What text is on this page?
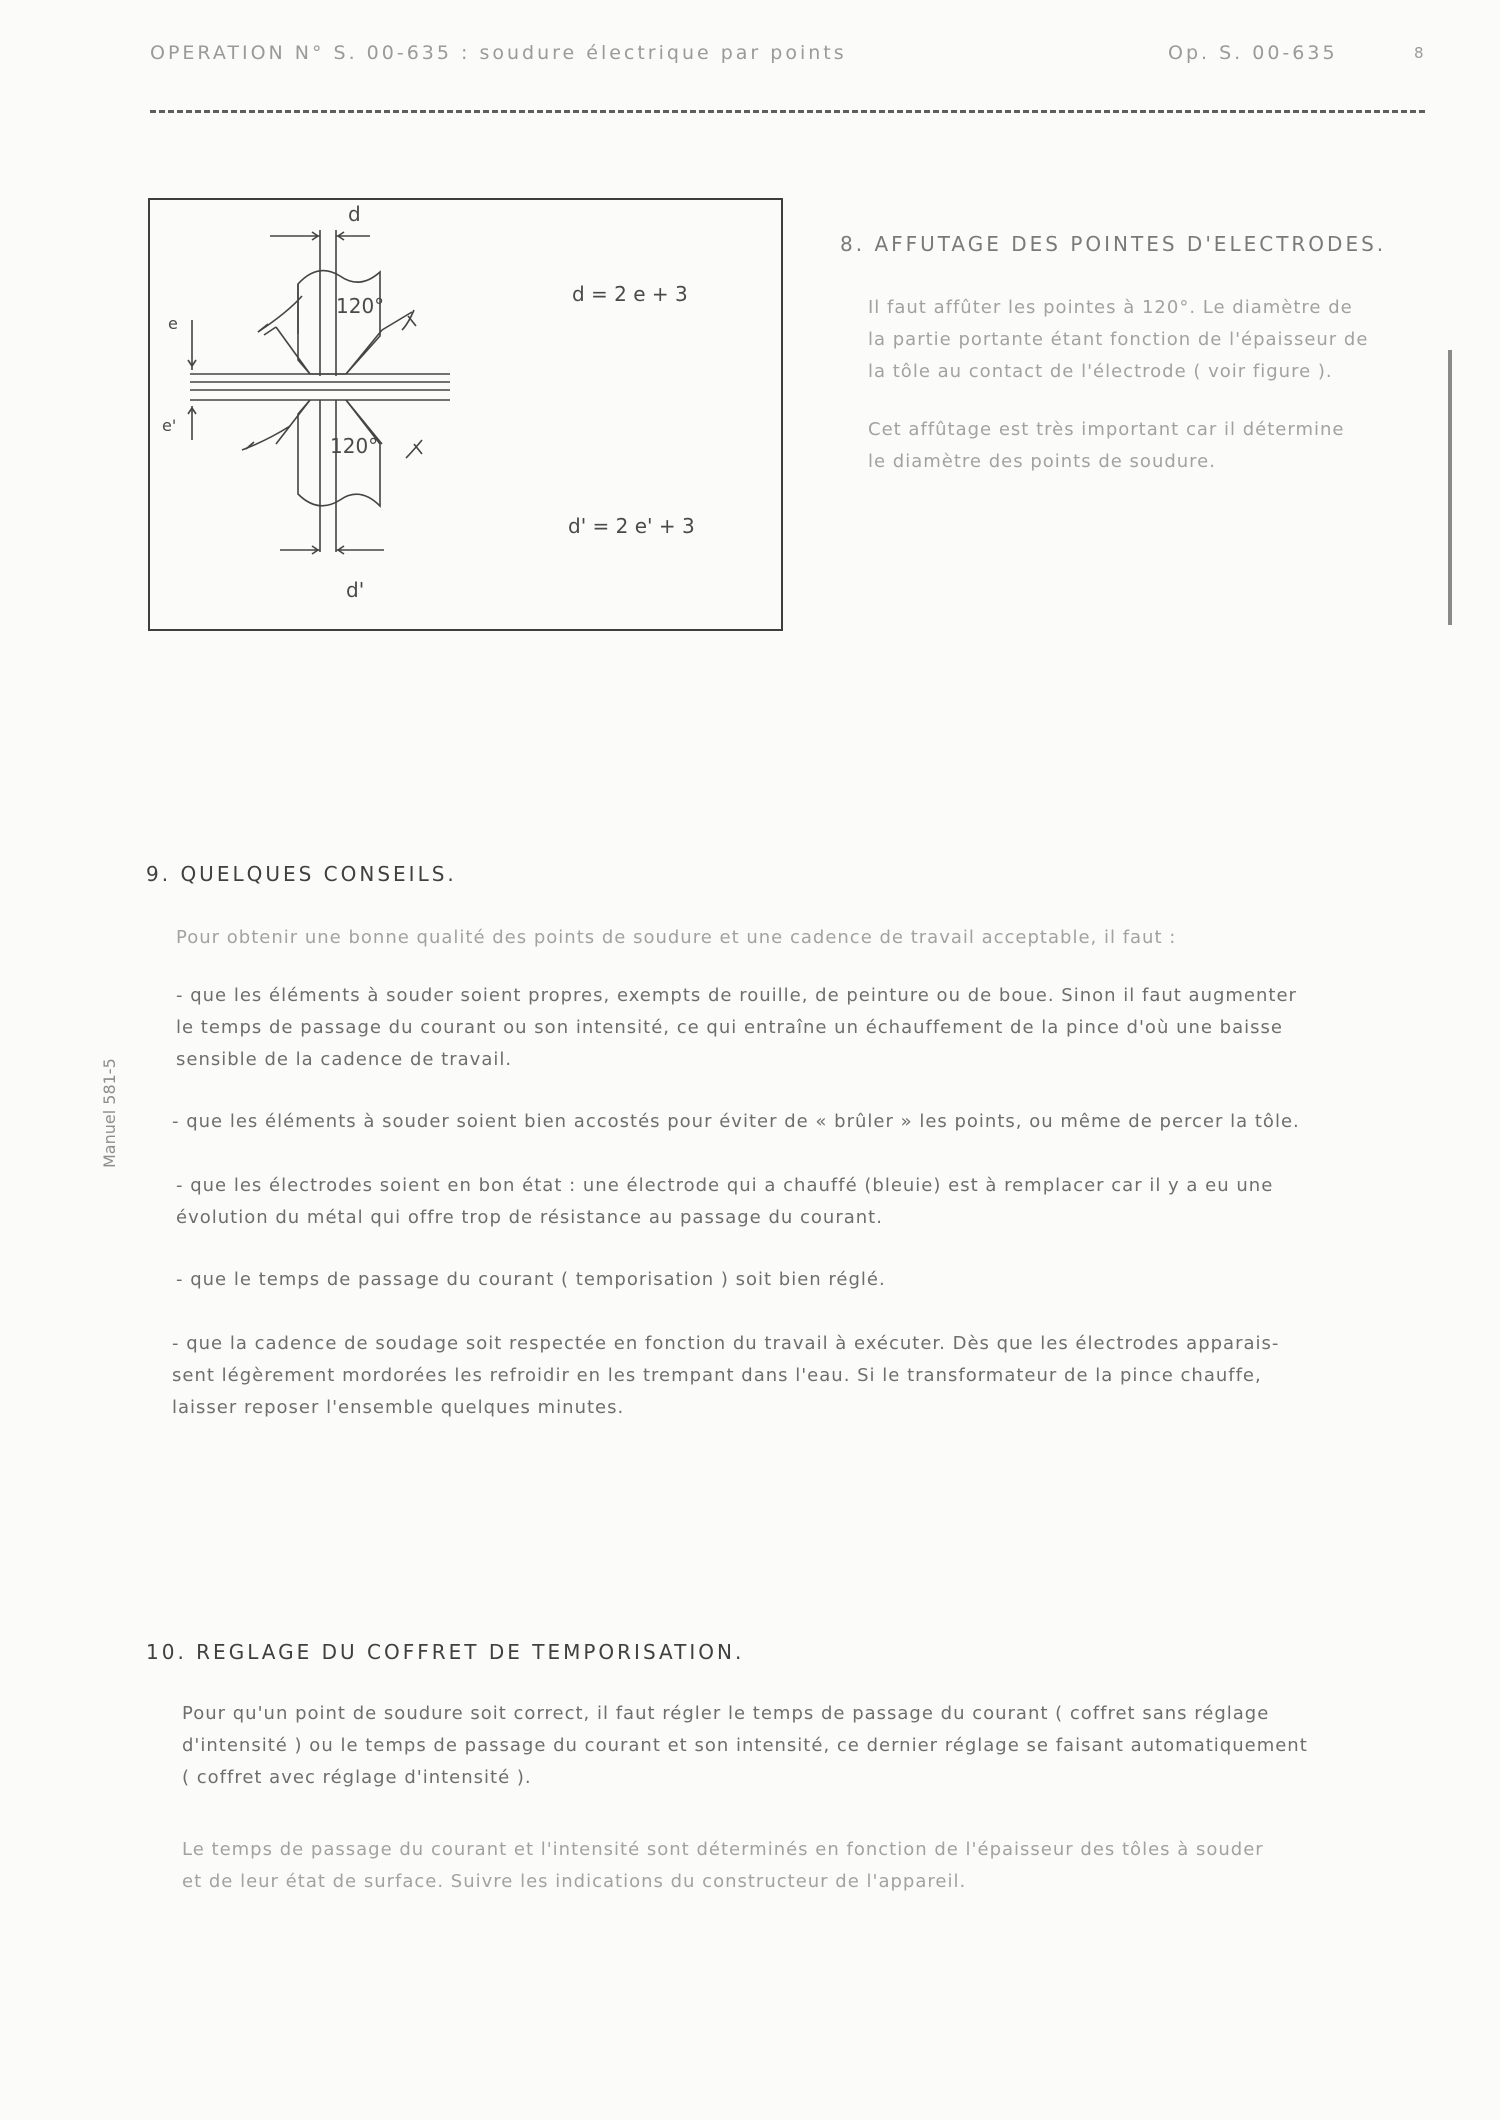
OPERATION N° S. 00-635 : soudure électrique par points	Op. S. 00-635	8
Manuel 581-5
d
e
e'
120°
120°
d = 2 e + 3
d' = 2 e' + 3
d'
8. AFFUTAGE DES POINTES D'ELECTRODES.
Il faut affûter les pointes à 120°. Le diamètre de
la partie portante étant fonction de l'épaisseur de
la tôle au contact de l'électrode ( voir figure ).
Cet affûtage est très important car il détermine
le diamètre des points de soudure.
9. QUELQUES CONSEILS.
Pour obtenir une bonne qualité des points de soudure et une cadence de travail acceptable, il faut :
- que les éléments à souder soient propres, exempts de rouille, de peinture ou de boue. Sinon il faut augmenter
le temps de passage du courant ou son intensité, ce qui entraîne un échauffement de la pince d'où une baisse
sensible de la cadence de travail.
- que les éléments à souder soient bien accostés pour éviter de « brûler » les points, ou même de percer la tôle.
- que les électrodes soient en bon état : une électrode qui a chauffé (bleuie) est à remplacer car il y a eu une
évolution du métal qui offre trop de résistance au passage du courant.
- que le temps de passage du courant ( temporisation ) soit bien réglé.
- que la cadence de soudage soit respectée en fonction du travail à exécuter. Dès que les électrodes apparais-
sent légèrement mordorées les refroidir en les trempant dans l'eau. Si le transformateur de la pince chauffe,
laisser reposer l'ensemble quelques minutes.
10. REGLAGE DU COFFRET DE TEMPORISATION.
Pour qu'un point de soudure soit correct, il faut régler le temps de passage du courant ( coffret sans réglage
d'intensité ) ou le temps de passage du courant et son intensité, ce dernier réglage se faisant automatiquement
( coffret avec réglage d'intensité ).
Le temps de passage du courant et l'intensité sont déterminés en fonction de l'épaisseur des tôles à souder
et de leur état de surface. Suivre les indications du constructeur de l'appareil.
